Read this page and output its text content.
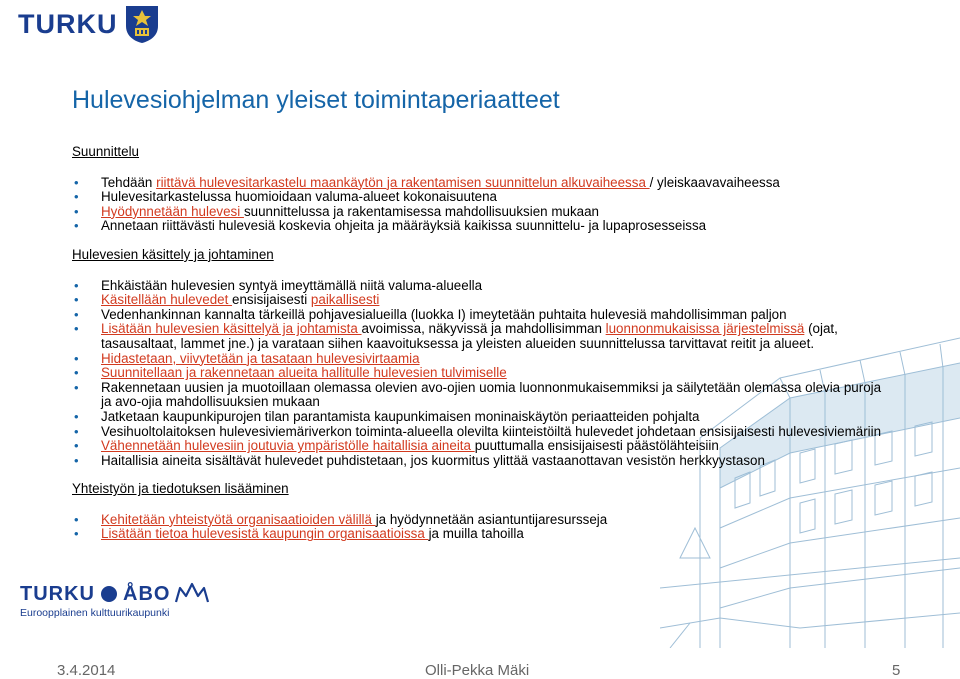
TURKU
Hulevesiohjelman yleiset toimintaperiaatteet

Suunnittelu

• Tehdään riittävä hulevesitarkastelu maankäytön ja rakentamisen suunnittelun alkuvaiheessa / yleiskaavavaiheessa
• Hulevesitarkastelussa huomioidaan valuma-alueet kokonaisuutena
• Hyödynnetään hulevesi suunnittelussa ja rakentamisessa mahdollisuuksien mukaan
• Annetaan riittävästi hulevesiä koskevia ohjeita ja määräyksiä kaikissa suunnittelu- ja lupaprosesseissa

Hulevesien käsittely ja johtaminen

• Ehkäistään hulevesien syntyä imeyttämällä niitä valuma-alueella
• Käsitellään hulevedet ensisijaisesti paikallisesti
• Vedenhankinnan kannalta tärkeillä pohjavesialueilla (luokka I) imeytetään puhtaita hulevesiä mahdollisimman paljon
• Lisätään hulevesien käsittelyä ja johtamista avoimissa, näkyvissä ja mahdollisimman luonnonmukaisissa järjestelmissä (ojat, tasausaltaat, lammet jne.) ja varataan siihen kaavoituksessa ja yleisten alueiden suunnittelussa tarvittavat reitit ja alueet.
• Hidastetaan, viivytetään ja tasataan hulevesivirtaamia
• Suunnitellaan ja rakennetaan alueita hallitulle hulevesien tulvimiselle
• Rakennetaan uusien ja muotoillaan olemassa olevien avo-ojien uomia luonnonmukaisemmiksi ja säilytetään olemassa olevia puroja ja avo-ojia mahdollisuuksien mukaan
• Jatketaan kaupunkipurojen tilan parantamista kaupunkimaisen moninaiskäytön periaatteiden pohjalta
• Vesihuoltolaitoksen hulevesiviemäriverkon toiminta-alueella olevilta kiinteistöiltä hulevedet johdetaan ensisijaisesti hulevesiviemäriin
• Vähennetään hulevesiin joutuvia ympäristölle haitallisia aineita puuttumalla ensisijaisesti päästölähteisiin
• Haitallisia aineita sisältävät hulevedet puhdistetaan, jos kuormitus ylittää vastaanottavan vesistön herkkyystason

Yhteistyön ja tiedotuksen lisääminen

• Kehitetään yhteistyötä organisaatioiden välillä ja hyödynnetään asiantuntijaresursseja
• Lisätään tietoa hulevesistä kaupungin organisaatioissa ja muilla tahoilla
TURKU ÅBO
Euroopplainen kulttuurikaupunki
3.4.2014	Olli-Pekka Mäki	5
